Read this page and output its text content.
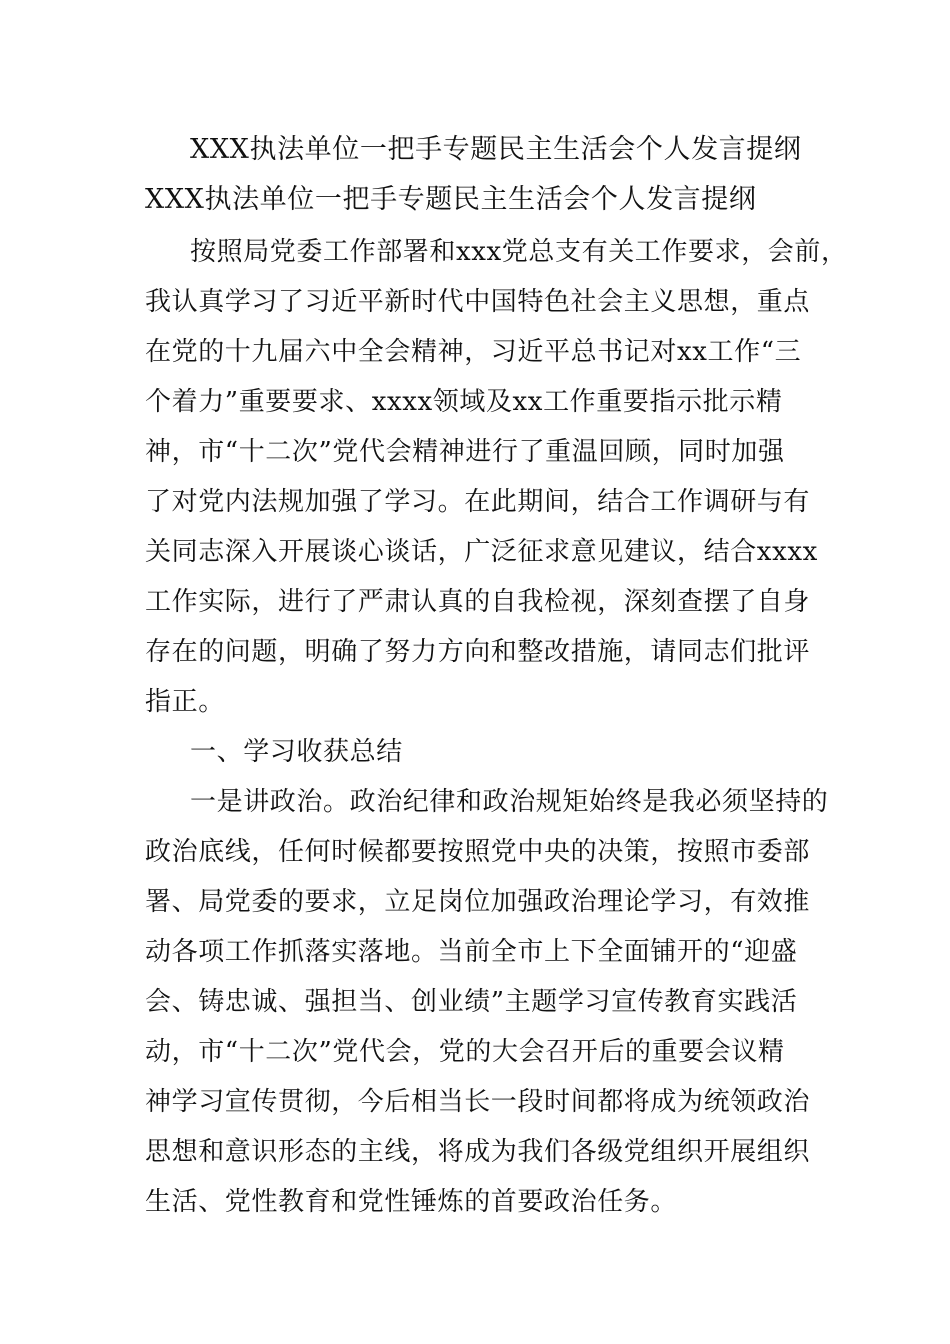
XXX执法单位一把手专题民主生活会个人发言提纲
XXX执法单位一把手专题民主生活会个人发言提纲
按照局党委工作部署和xxx党总支有关工作要求，会前，
我认真学习了习近平新时代中国特色社会主义思想，重点
在党的十九届六中全会精神，习近平总书记对xx工作“三
个着力”重要要求、xxxx领域及xx工作重要指示批示精
神，市“十二次”党代会精神进行了重温回顾，同时加强
了对党内法规加强了学习。在此期间，结合工作调研与有
关同志深入开展谈心谈话，广泛征求意见建议，结合xxxx
工作实际，进行了严肃认真的自我检视，深刻查摆了自身
存在的问题，明确了努力方向和整改措施，请同志们批评
指正。
一、学习收获总结
一是讲政治。政治纪律和政治规矩始终是我必须坚持的
政治底线，任何时候都要按照党中央的决策，按照市委部
署、局党委的要求，立足岗位加强政治理论学习，有效推
动各项工作抓落实落地。当前全市上下全面铺开的“迎盛
会、铸忠诚、强担当、创业绩”主题学习宣传教育实践活
动，市“十二次”党代会，党的大会召开后的重要会议精
神学习宣传贯彻，今后相当长一段时间都将成为统领政治
思想和意识形态的主线，将成为我们各级党组织开展组织
生活、党性教育和党性锤炼的首要政治任务。
